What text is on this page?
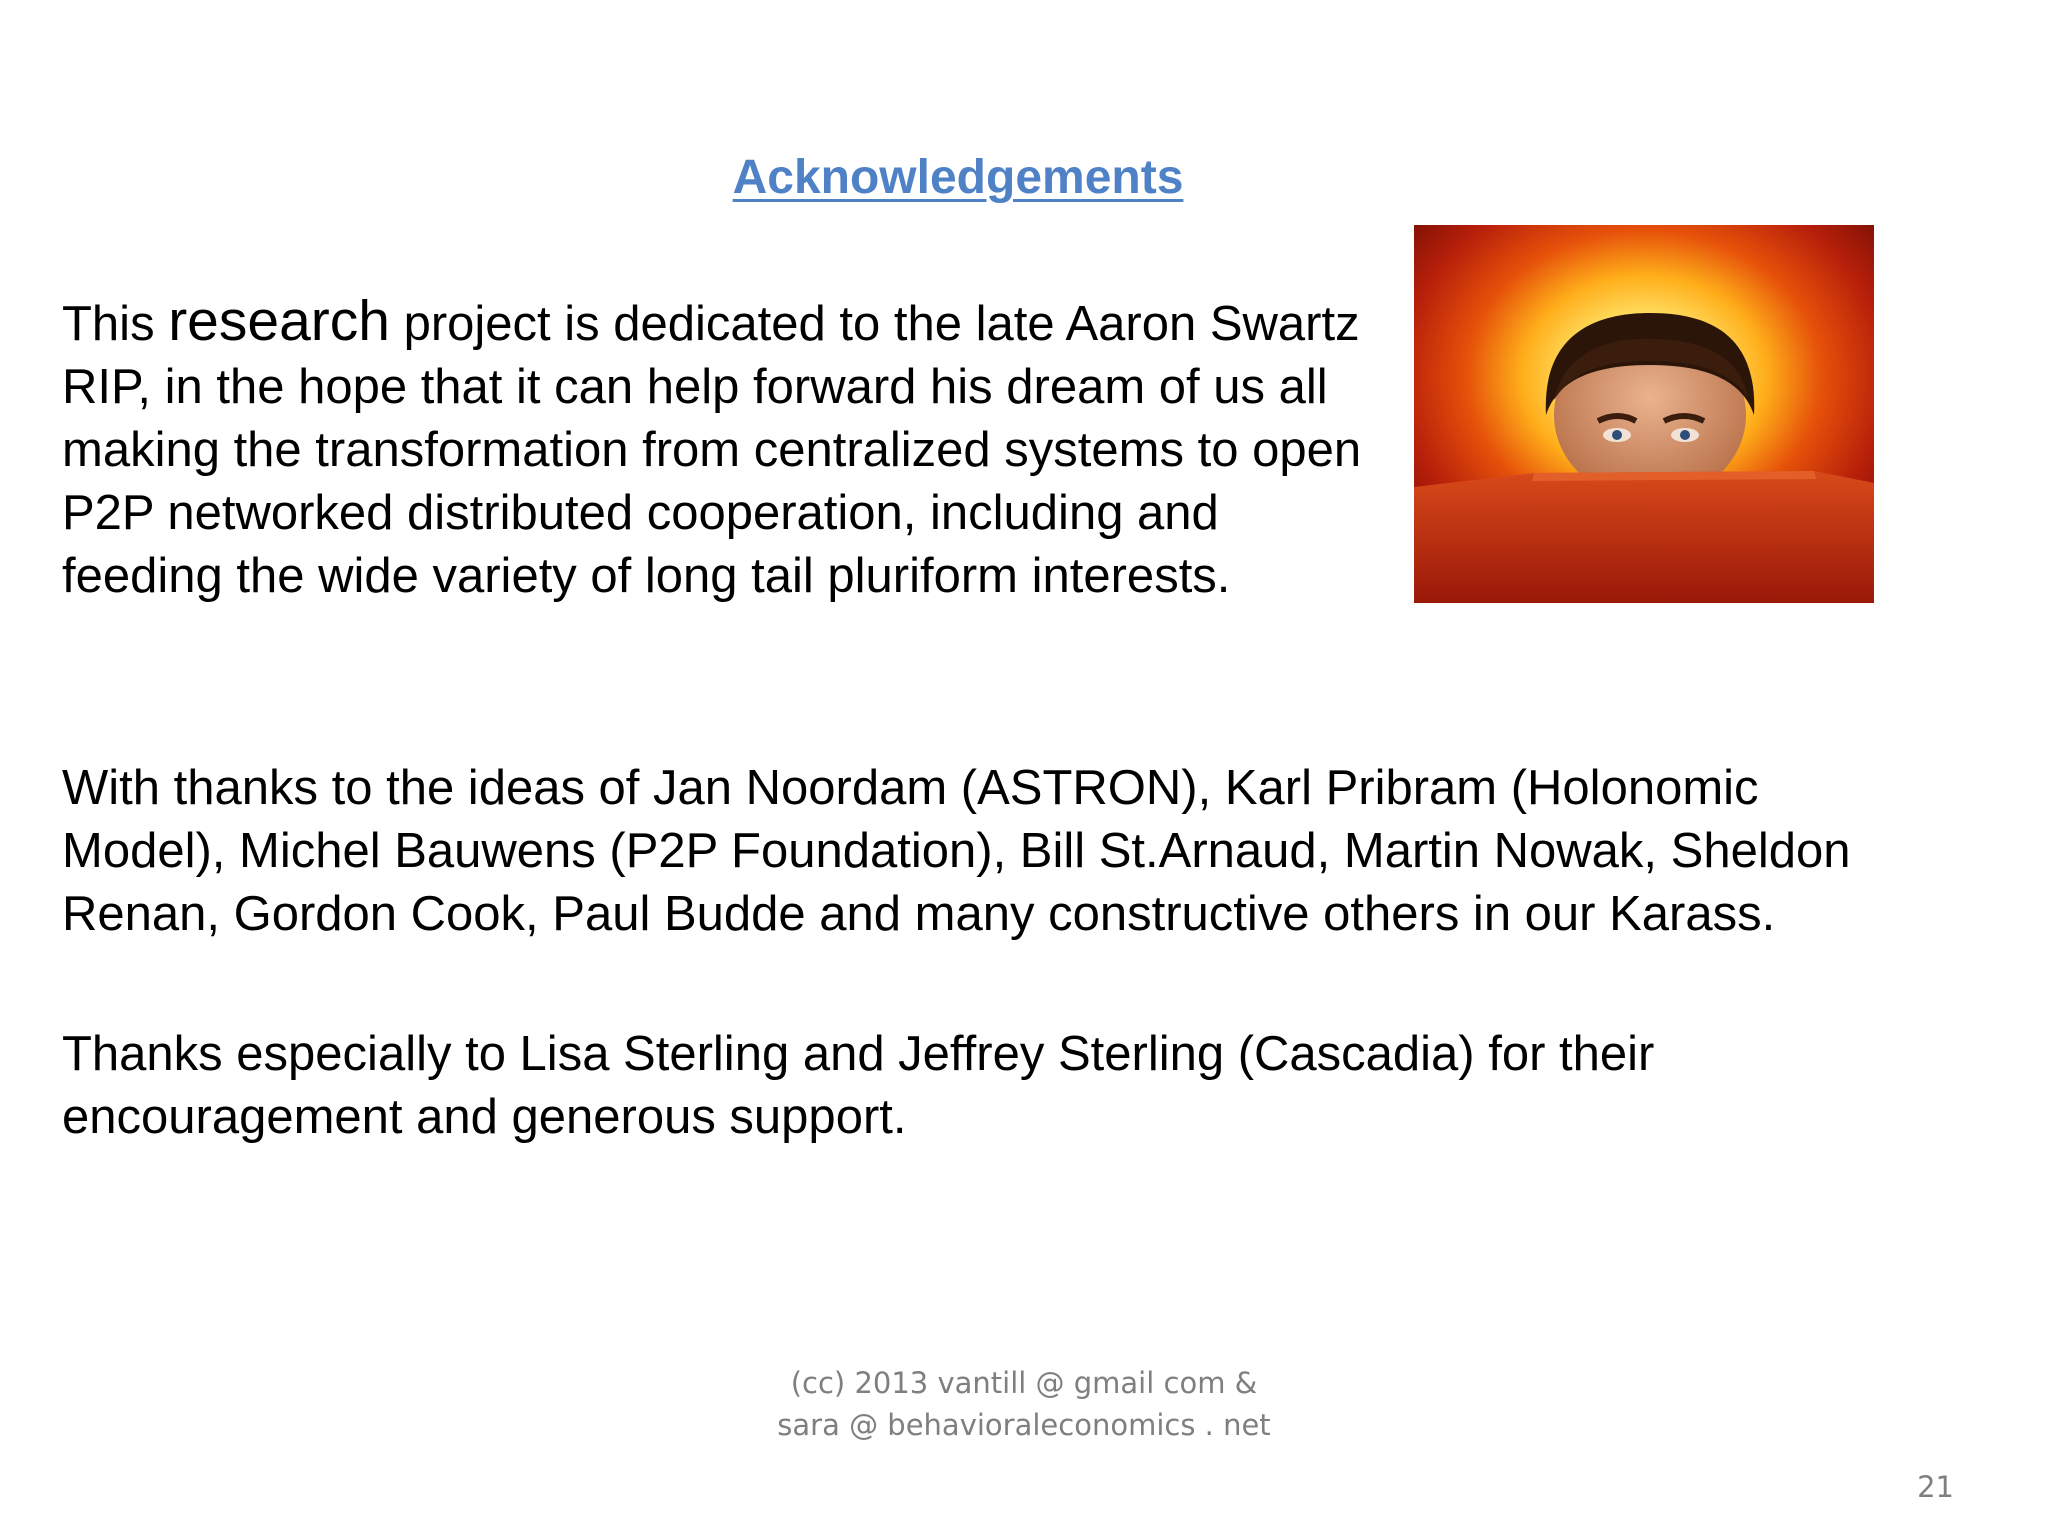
Acknowledgements

This research project is dedicated to the late Aaron Swartz RIP, in the hope that it can help forward his dream of us all making the transformation from centralized systems to open P2P networked distributed cooperation, including and feeding the wide variety of long tail pluriform interests.

With thanks to the ideas of Jan Noordam (ASTRON), Karl Pribram (Holonomic Model), Michel Bauwens (P2P Foundation), Bill St.Arnaud, Martin Nowak, Sheldon Renan, Gordon Cook, Paul Budde and many constructive others in our Karass.

Thanks especially to Lisa Sterling and Jeffrey Sterling (Cascadia) for their encouragement and generous support.

(cc) 2013 vantill @ gmail com &
sara @ behavioraleconomics . net
21
